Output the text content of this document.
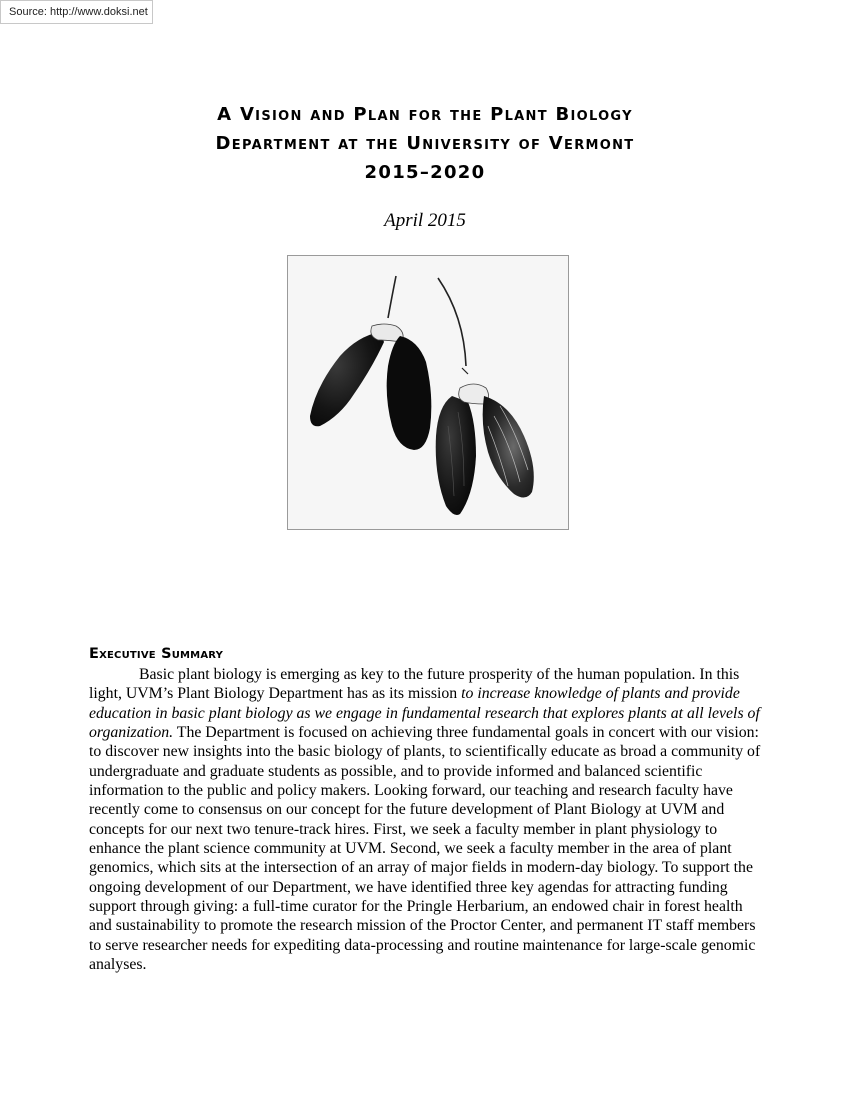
Source: http://www.doksi.net
A Vision and Plan for the Plant Biology
Department at the University of Vermont
2015–2020
April 2015
Executive Summary

Basic plant biology is emerging as key to the future prosperity of the human population. In this light, UVM’s Plant Biology Department has as its mission to increase knowledge of plants and provide education in basic plant biology as we engage in fundamental research that explores plants at all levels of organization. The Department is focused on achieving three fundamental goals in concert with our vision: to discover new insights into the basic biology of plants, to scientifically educate as broad a community of undergraduate and graduate students as possible, and to provide informed and balanced scientific information to the public and policy makers. Looking forward, our teaching and research faculty have recently come to consensus on our concept for the future development of Plant Biology at UVM and concepts for our next two tenure-track hires. First, we seek a faculty member in plant physiology to enhance the plant science community at UVM. Second, we seek a faculty member in the area of plant genomics, which sits at the intersection of an array of major fields in modern-day biology. To support the ongoing development of our Department, we have identified three key agendas for attracting funding support through giving: a full-time curator for the Pringle Herbarium, an endowed chair in forest health and sustainability to promote the research mission of the Proctor Center, and permanent IT staff members to serve researcher needs for expediting data-processing and routine maintenance for large-scale genomic analyses.
